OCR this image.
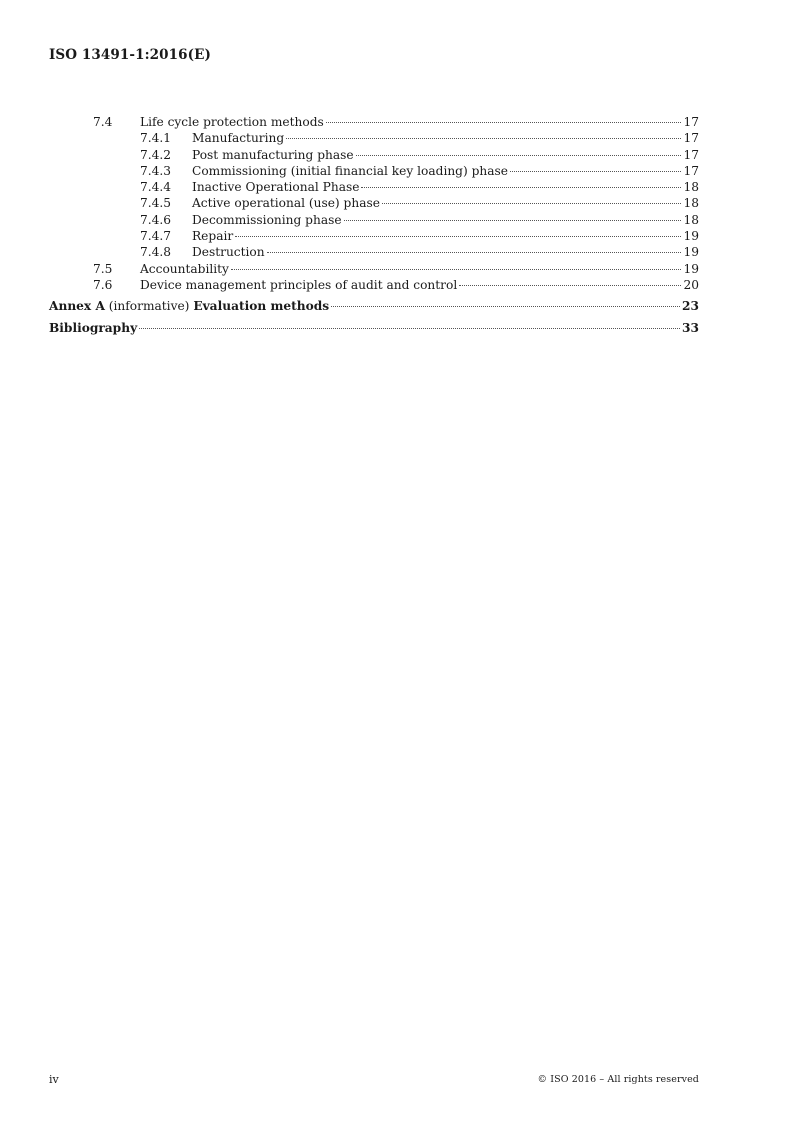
ISO 13491-1:2016(E)
7.4	Life cycle protection methods	17
7.4.1	Manufacturing	17
7.4.2	Post manufacturing phase	17
7.4.3	Commissioning (initial financial key loading) phase	17
7.4.4	Inactive Operational Phase	18
7.4.5	Active operational (use) phase	18
7.4.6	Decommissioning phase	18
7.4.7	Repair	19
7.4.8	Destruction	19
7.5	Accountability	19
7.6	Device management principles of audit and control	20
Annex A (informative) Evaluation methods	23
Bibliography	33
iv	© ISO 2016 – All rights reserved
